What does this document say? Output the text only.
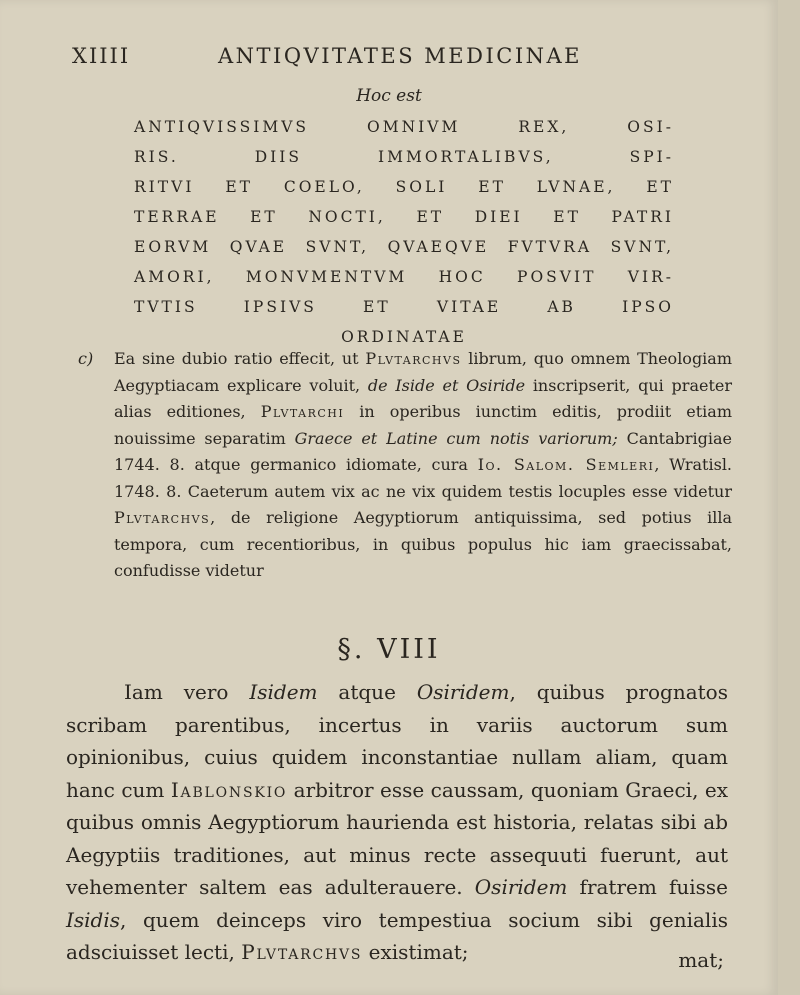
XIIII	ANTIQVITATES MEDICINAE
Hoc est
ANTIQVISSIMVS OMNIVM REX, OSI-
RIS. DIIS IMMORTALIBVS, SPI-
RITVI ET COELO, SOLI ET LVNAE, ET
TERRAE ET NOCTI, ET DIEI ET PATRI
EORVM QVAE SVNT, QVAEQVE FVTVRA SVNT,
AMORI, MONVMENTVM HOC POSVIT VIR-
TVTIS IPSIVS ET VITAE AB IPSO
ORDINATAE
c) Ea sine dubio ratio effecit, ut Plvtarchvs librum, quo omnem Theologiam Aegyptiacam explicare voluit, de Iside et Osiride inscripserit, qui praeter alias editiones, Plvtarchi in operibus iunctim editis, prodiit etiam nouissime separatim Graece et Latine cum notis variorum; Cantabrigiae 1744. 8. atque germanico idiomate, cura Io. Salom. Semleri, Wratisl. 1748. 8. Caeterum autem vix ac ne vix quidem testis locuples esse videtur Plvtarchvs, de religione Aegyptiorum antiquissima, sed potius illa tempora, cum recentioribus, in quibus populus hic iam graecissabat, confudisse videtur
§. VIII
Iam vero Isidem atque Osiridem, quibus prognatos scribam parentibus, incertus in variis auctorum sum opinionibus, cuius quidem inconstantiae nullam aliam, quam hanc cum Iablonskio arbitror esse caussam, quoniam Graeci, ex quibus omnis Aegyptiorum haurienda est historia, relatas sibi ab Aegyptiis traditiones, aut minus recte assequuti fuerunt, aut vehementer saltem eas adulterauere. Osiridem fratrem fuisse Isidis, quem deinceps viro tempestiua socium sibi genialis adsciuisset lecti, Plvtarchvs existimat;	mat;
